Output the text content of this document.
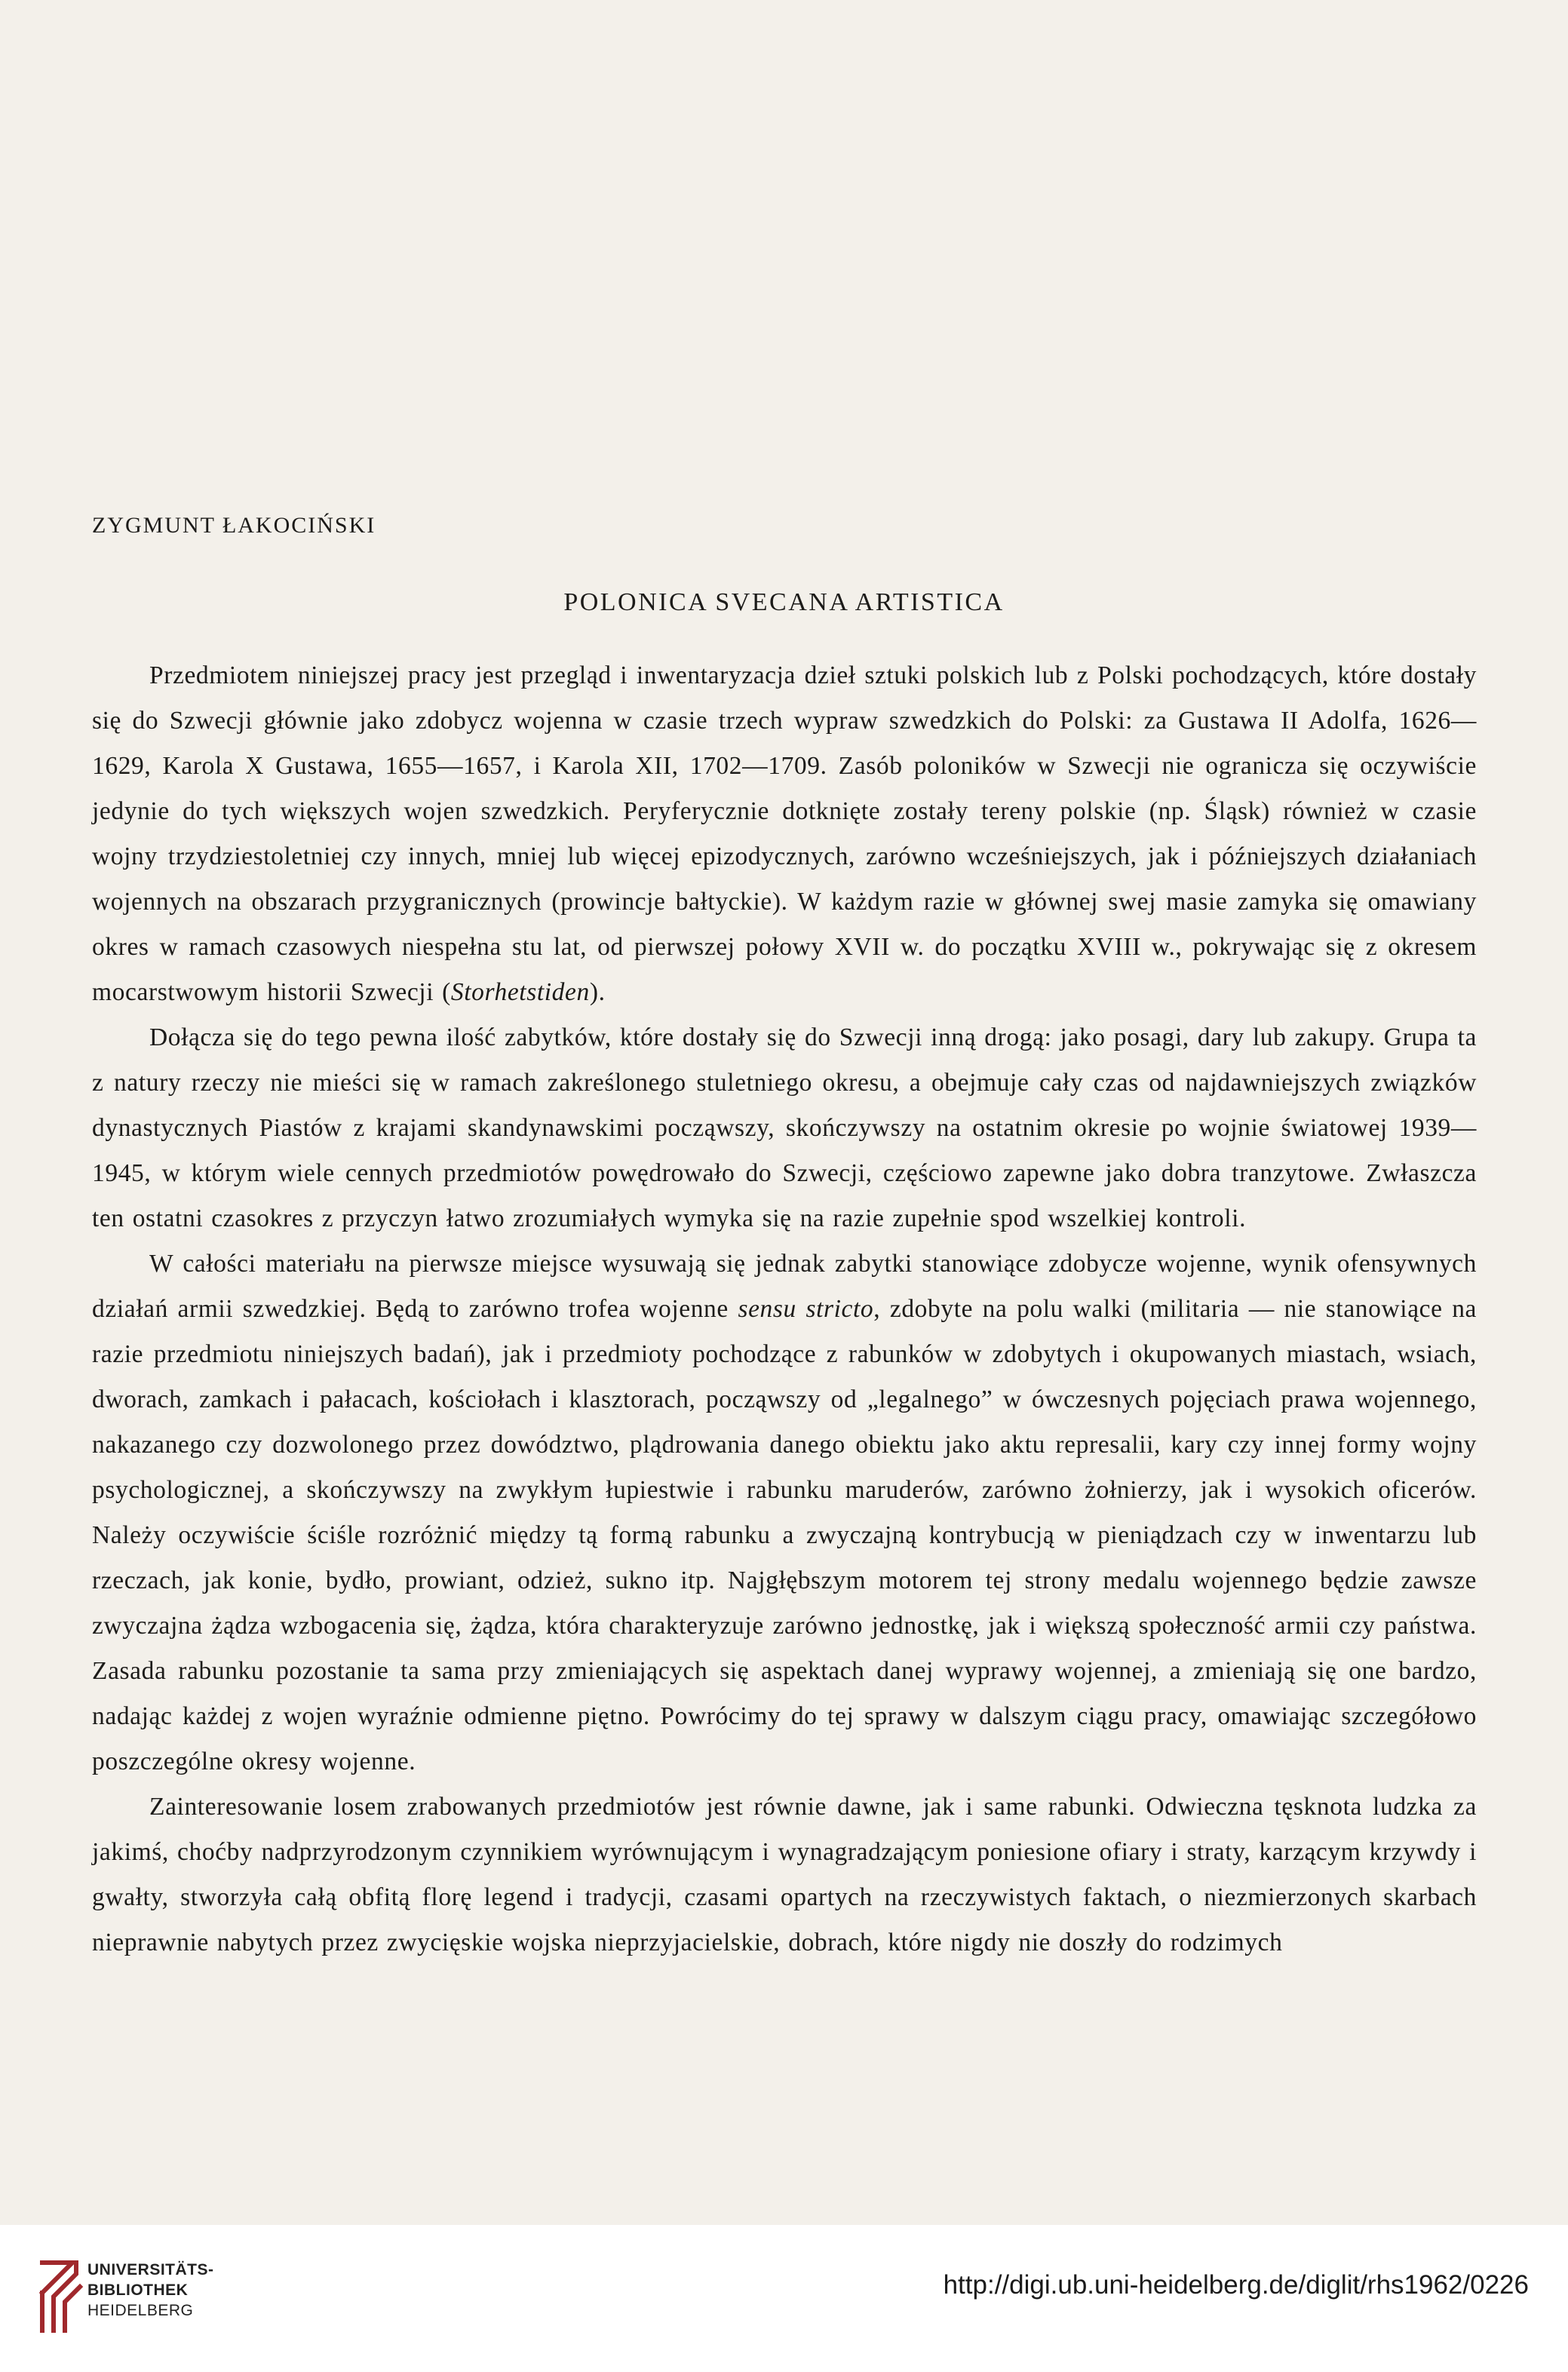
ZYGMUNT ŁAKOCIŃSKI
POLONICA SVECANA ARTISTICA

Przedmiotem niniejszej pracy jest przegląd i inwentaryzacja dzieł sztuki polskich lub z Polski pochodzących, które dostały się do Szwecji głównie jako zdobycz wojenna w czasie trzech wypraw szwedzkich do Polski: za Gustawa II Adolfa, 1626—1629, Karola X Gustawa, 1655—1657, i Karola XII, 1702—1709. Zasób poloników w Szwecji nie ogranicza się oczywiście jedynie do tych większych wojen szwedzkich. Peryferycznie dotknięte zostały tereny polskie (np. Śląsk) również w czasie wojny trzydziestoletniej czy innych, mniej lub więcej epizodycznych, zarówno wcześniejszych, jak i późniejszych działaniach wojennych na obszarach przygranicznych (prowincje bałtyckie). W każdym razie w głównej swej masie zamyka się omawiany okres w ramach czasowych niespełna stu lat, od pierwszej połowy XVII w. do początku XVIII w., pokrywając się z okresem mocarstwowym historii Szwecji (Storhetstiden).

Dołącza się do tego pewna ilość zabytków, które dostały się do Szwecji inną drogą: jako posagi, dary lub zakupy. Grupa ta z natury rzeczy nie mieści się w ramach zakreślonego stuletniego okresu, a obejmuje cały czas od najdawniejszych związków dynastycznych Piastów z krajami skandynawskimi począwszy, skończywszy na ostatnim okresie po wojnie światowej 1939—1945, w którym wiele cennych przedmiotów powędrowało do Szwecji, częściowo zapewne jako dobra tranzytowe. Zwłaszcza ten ostatni czasokres z przyczyn łatwo zrozumiałych wymyka się na razie zupełnie spod wszelkiej kontroli.

W całości materiału na pierwsze miejsce wysuwają się jednak zabytki stanowiące zdobycze wojenne, wynik ofensywnych działań armii szwedzkiej. Będą to zarówno trofea wojenne sensu stricto, zdobyte na polu walki (militaria — nie stanowiące na razie przedmiotu niniejszych badań), jak i przedmioty pochodzące z rabunków w zdobytych i okupowanych miastach, wsiach, dworach, zamkach i pałacach, kościołach i klasztorach, począwszy od „legalnego” w ówczesnych pojęciach prawa wojennego, nakazanego czy dozwolonego przez dowództwo, plądrowania danego obiektu jako aktu represalii, kary czy innej formy wojny psychologicznej, a skończywszy na zwykłym łupiestwie i rabunku maruderów, zarówno żołnierzy, jak i wysokich oficerów. Należy oczywiście ściśle rozróżnić między tą formą rabunku a zwyczajną kontrybucją w pieniądzach czy w inwentarzu lub rzeczach, jak konie, bydło, prowiant, odzież, sukno itp. Najgłębszym motorem tej strony medalu wojennego będzie zawsze zwyczajna żądza wzbogacenia się, żądza, która charakteryzuje zarówno jednostkę, jak i większą społeczność armii czy państwa. Zasada rabunku pozostanie ta sama przy zmieniających się aspektach danej wyprawy wojennej, a zmieniają się one bardzo, nadając każdej z wojen wyraźnie odmienne piętno. Powrócimy do tej sprawy w dalszym ciągu pracy, omawiając szczegółowo poszczególne okresy wojenne.

Zainteresowanie losem zrabowanych przedmiotów jest równie dawne, jak i same rabunki. Odwieczna tęsknota ludzka za jakimś, choćby nadprzyrodzonym czynnikiem wyrównującym i wynagradzającym poniesione ofiary i straty, karzącym krzywdy i gwałty, stworzyła całą obfitą florę legend i tradycji, czasami opartych na rzeczywistych faktach, o niezmierzonych skarbach nieprawnie nabytych przez zwycięskie wojska nieprzyjacielskie, dobrach, które nigdy nie doszły do rodzimych

UNIVERSITÄTS-
BIBLIOTHEK
HEIDELBERG
http://digi.ub.uni-heidelberg.de/diglit/rhs1962/0226
